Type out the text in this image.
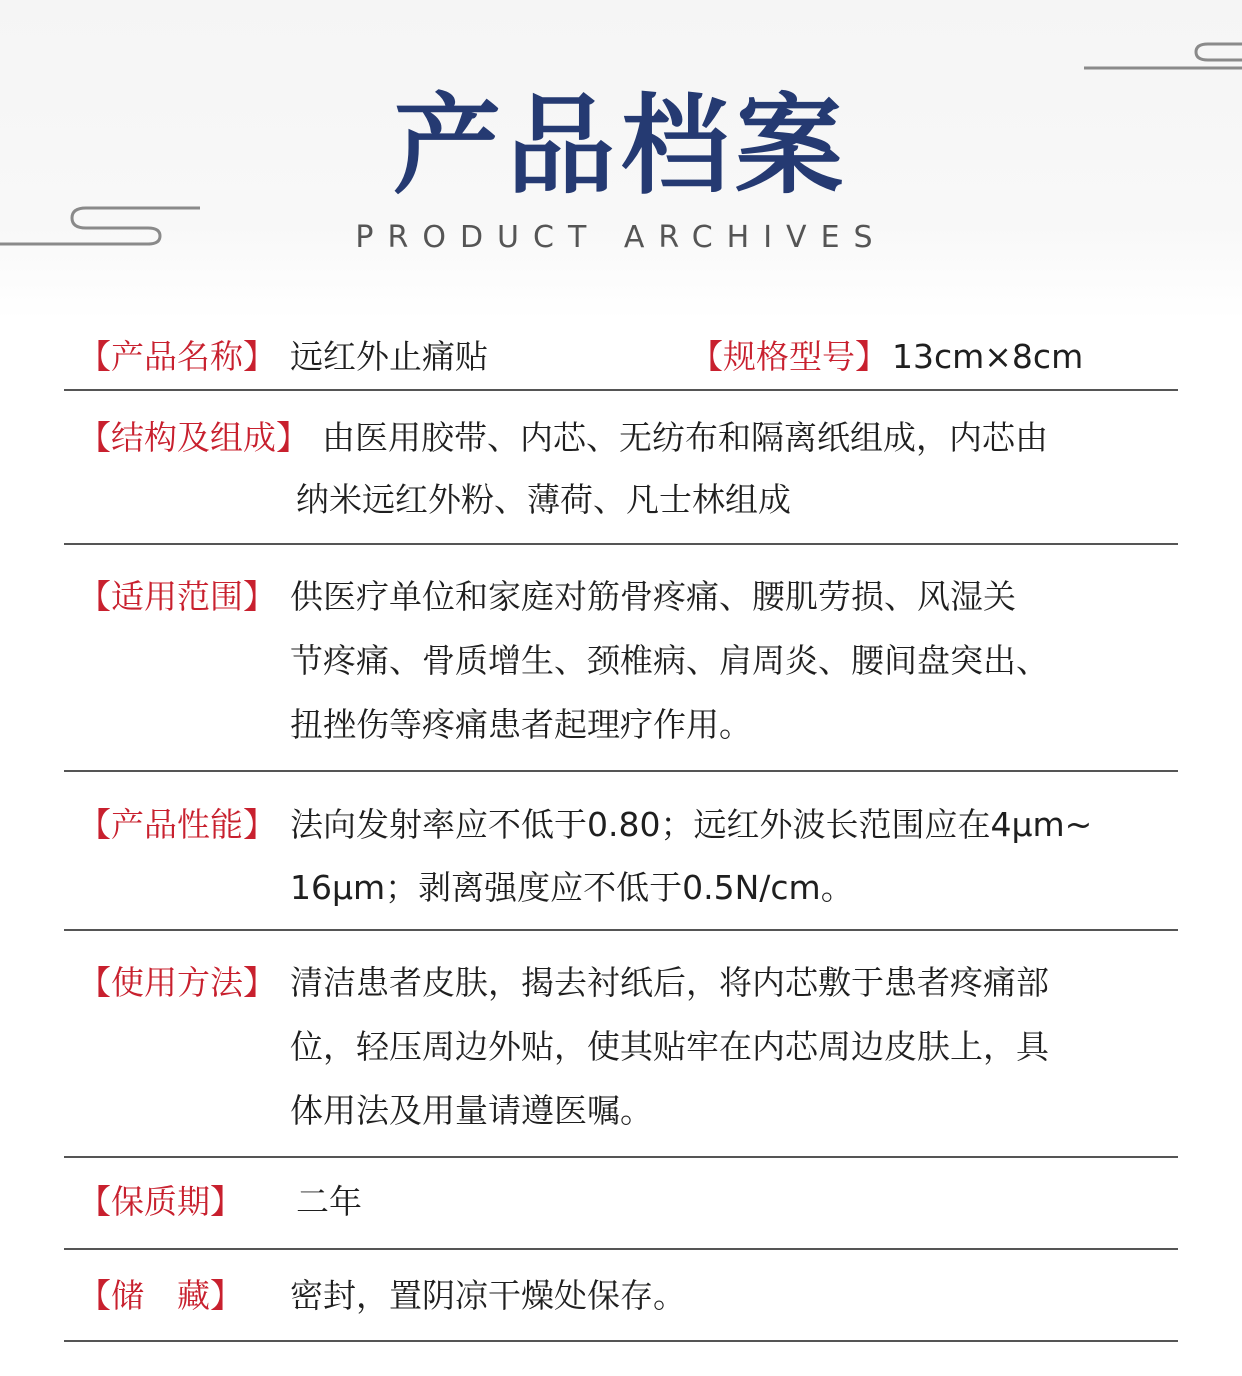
产品档案
PRODUCT ARCHIVES
【产品名称】 远红外止痛贴	【规格型号】 13cm×8cm
【结构及组成】 由医用胶带、内芯、无纺布和隔离纸组成，内芯由
纳米远红外粉、薄荷、凡士林组成
【适用范围】 供医疗单位和家庭对筋骨疼痛、腰肌劳损、风湿关
节疼痛、骨质增生、颈椎病、肩周炎、腰间盘突出、
扭挫伤等疼痛患者起理疗作用。
【产品性能】 法向发射率应不低于0.80；远红外波长范围应在4μm~
16μm；剥离强度应不低于0.5N/cm。
【使用方法】 清洁患者皮肤，揭去衬纸后，将内芯敷于患者疼痛部
位，轻压周边外贴，使其贴牢在内芯周边皮肤上，具
体用法及用量请遵医嘱。
【保质期】 二年
【储　藏】 密封，置阴凉干燥处保存。
